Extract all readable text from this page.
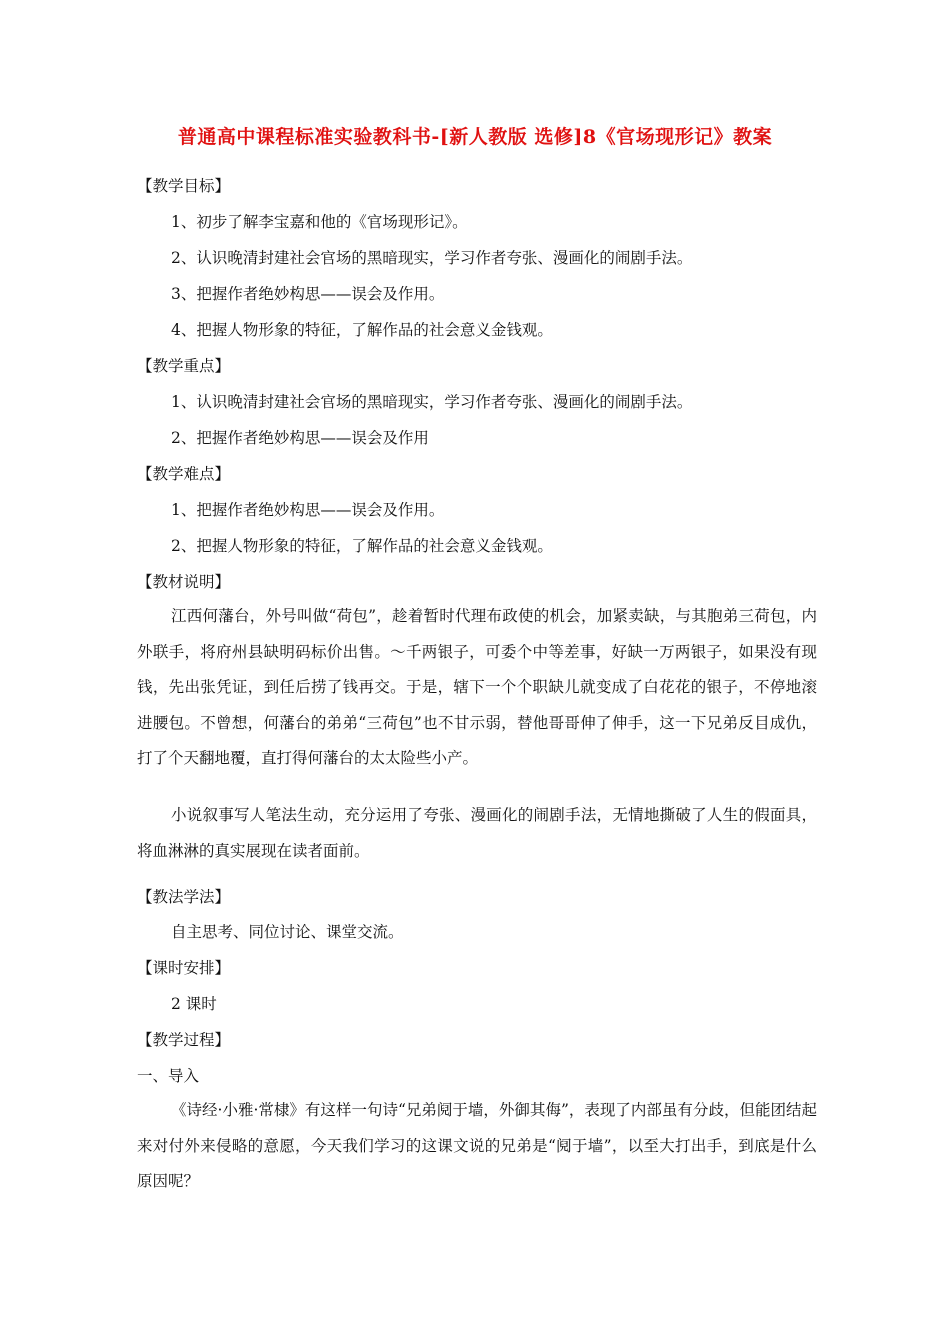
普通高中课程标准实验教科书-[新人教版 选修]8《官场现形记》教案
【教学目标】
1、初步了解李宝嘉和他的《官场现形记》。
2、认识晚清封建社会官场的黑暗现实，学习作者夸张、漫画化的闹剧手法。
3、把握作者绝妙构思——误会及作用。
4、把握人物形象的特征，了解作品的社会意义金钱观。
【教学重点】
1、认识晚清封建社会官场的黑暗现实，学习作者夸张、漫画化的闹剧手法。
2、把握作者绝妙构思——误会及作用
【教学难点】
1、把握作者绝妙构思——误会及作用。
2、把握人物形象的特征，了解作品的社会意义金钱观。
【教材说明】
江西何藩台，外号叫做“荷包”，趁着暂时代理布政使的机会，加紧卖缺，与其胞弟三荷包，内外联手，将府州县缺明码标价出售。～千两银子，可委个中等差事，好缺一万两银子，如果没有现钱，先出张凭证，到任后捞了钱再交。于是，辖下一个个职缺儿就变成了白花花的银子，不停地滚进腰包。不曾想，何藩台的弟弟“三荷包”也不甘示弱，替他哥哥伸了伸手，这一下兄弟反目成仇，打了个天翻地覆，直打得何藩台的太太险些小产。
小说叙事写人笔法生动，充分运用了夸张、漫画化的闹剧手法，无情地撕破了人生的假面具，将血淋淋的真实展现在读者面前。
【教法学法】
自主思考、同位讨论、课堂交流。
【课时安排】
2 课时
【教学过程】
一、导入
《诗经·小雅·常棣》有这样一句诗“兄弟阋于墙，外御其侮”，表现了内部虽有分歧，但能团结起来对付外来侵略的意愿，今天我们学习的这课文说的兄弟是“阋于墙”，以至大打出手，到底是什么原因呢？
